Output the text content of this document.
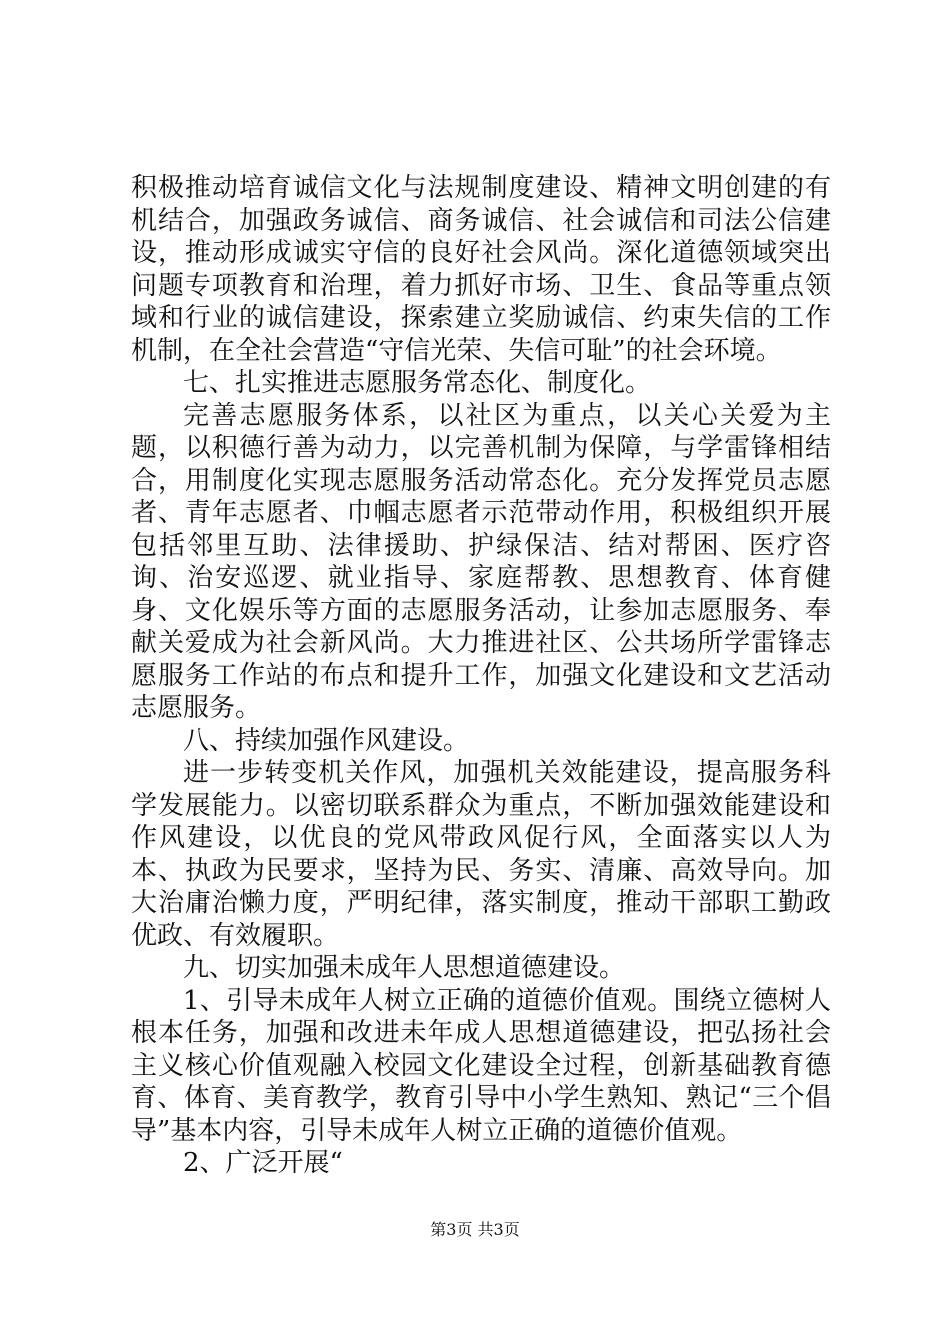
积极推动培育诚信文化与法规制度建设、精神文明创建的有机结合，加强政务诚信、商务诚信、社会诚信和司法公信建设，推动形成诚实守信的良好社会风尚。深化道德领域突出问题专项教育和治理，着力抓好市场、卫生、食品等重点领域和行业的诚信建设，探索建立奖励诚信、约束失信的工作机制，在全社会营造“守信光荣、失信可耻”的社会环境。

七、扎实推进志愿服务常态化、制度化。

完善志愿服务体系，以社区为重点，以关心关爱为主题，以积德行善为动力，以完善机制为保障，与学雷锋相结合，用制度化实现志愿服务活动常态化。充分发挥党员志愿者、青年志愿者、巾帼志愿者示范带动作用，积极组织开展包括邻里互助、法律援助、护绿保洁、结对帮困、医疗咨询、治安巡逻、就业指导、家庭帮教、思想教育、体育健身、文化娱乐等方面的志愿服务活动，让参加志愿服务、奉献关爱成为社会新风尚。大力推进社区、公共场所学雷锋志愿服务工作站的布点和提升工作，加强文化建设和文艺活动志愿服务。

八、持续加强作风建设。

进一步转变机关作风，加强机关效能建设，提高服务科学发展能力。以密切联系群众为重点，不断加强效能建设和作风建设，以优良的党风带政风促行风，全面落实以人为本、执政为民要求，坚持为民、务实、清廉、高效导向。加大治庸治懒力度，严明纪律，落实制度，推动干部职工勤政优政、有效履职。

九、切实加强未成年人思想道德建设。

1、引导未成年人树立正确的道德价值观。围绕立德树人根本任务，加强和改进未年成人思想道德建设，把弘扬社会主义核心价值观融入校园文化建设全过程，创新基础教育德育、体育、美育教学，教育引导中小学生熟知、熟记“三个倡导”基本内容，引导未成年人树立正确的道德价值观。

2、广泛开展“

第3页 共3页
